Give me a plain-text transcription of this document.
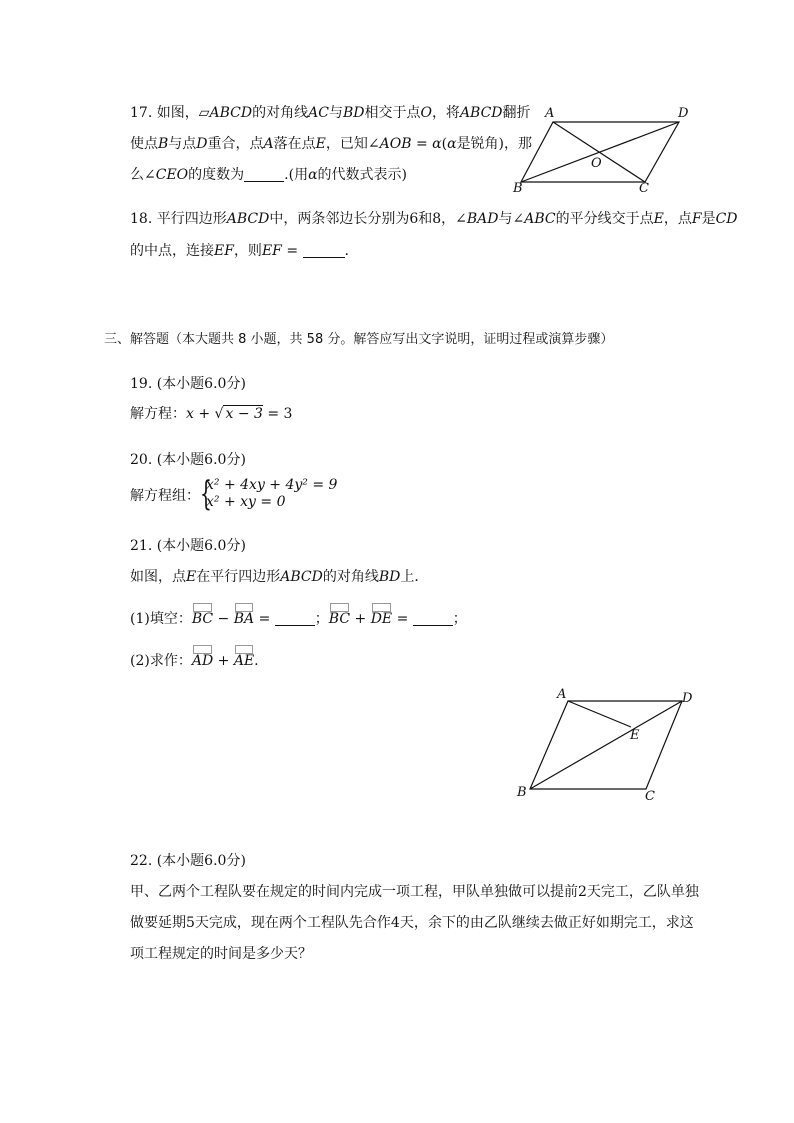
17. 如图，▱ABCD的对角线AC与BD相交于点O，将ABCD翻折
使点B与点D重合，点A落在点E，已知∠AOB = α(α是锐角)，那
么∠CEO的度数为	.(用α的代数式表示)
A	D
O
B	C
18. 平行四边形ABCD中，两条邻边长分别为6和8，∠BAD与∠ABC的平分线交于点E，点F是CD
的中点，连接EF，则EF =	.
三、解答题（本大题共 8 小题，共 58 分。解答应写出文字说明，证明过程或演算步骤）
19. (本小题6.0分)
解方程：x + √ x − 3 = 3
20. (本小题6.0分)
解方程组： {
x² + 4xy + 4y² = 9
x² + xy = 0
21. (本小题6.0分)
如图，点E在平行四边形ABCD的对角线BD上．
(1)填空：BC − BA =	；BC + DE =	；
(2)求作：AD + AE.
A	D
E
B	C
22. (本小题6.0分)
甲、乙两个工程队要在规定的时间内完成一项工程，甲队单独做可以提前2天完工，乙队单独
做要延期5天完成，现在两个工程队先合作4天，余下的由乙队继续去做正好如期完工，求这
项工程规定的时间是多少天？
